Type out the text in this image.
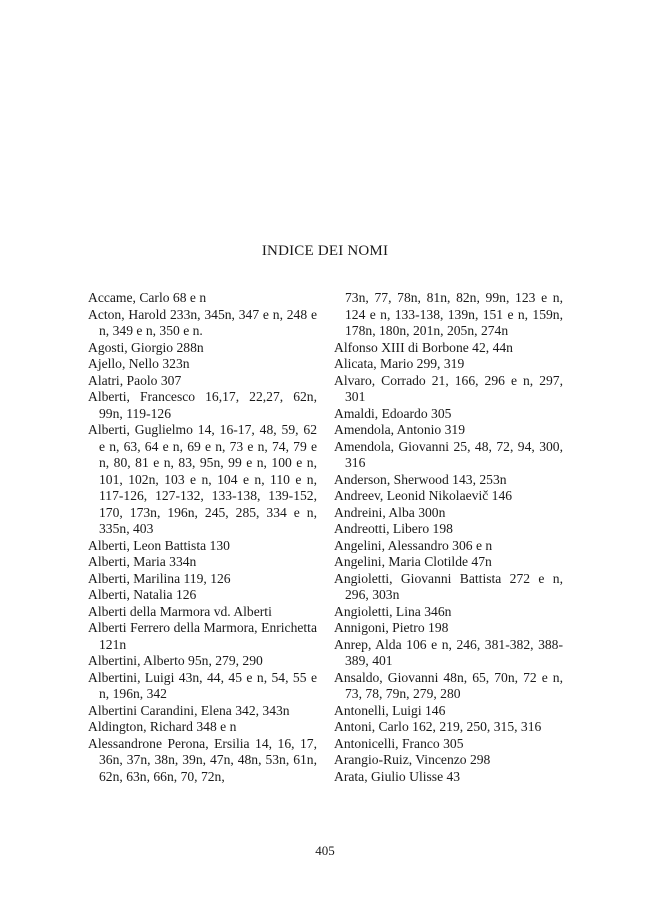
INDICE DEI NOMI

Accame, Carlo 68 e n

Acton, Harold 233n, 345n, 347 e n, 248 e n, 349 e n, 350 e n.

Agosti, Giorgio 288n

Ajello, Nello 323n

Alatri, Paolo 307

Alberti, Francesco 16,17, 22,27, 62n, 99n, 119-126

Alberti, Guglielmo 14, 16-17, 48, 59, 62 e n, 63, 64 e n, 69 e n, 73 e n, 74, 79 e n, 80, 81 e n, 83, 95n, 99 e n, 100 e n, 101, 102n, 103 e n, 104 e n, 110 e n, 117-126, 127-132, 133-138, 139-152, 170, 173n, 196n, 245, 285, 334 e n, 335n, 403

Alberti, Leon Battista 130

Alberti, Maria 334n

Alberti, Marilina 119, 126

Alberti, Natalia 126

Alberti della Marmora vd. Alberti

Alberti Ferrero della Marmora, Enrichetta 121n

Albertini, Alberto 95n, 279, 290

Albertini, Luigi 43n, 44, 45 e n, 54, 55 e n, 196n, 342

Albertini Carandini, Elena 342, 343n

Aldington, Richard 348 e n

Alessandrone Perona, Ersilia 14, 16, 17, 36n, 37n, 38n, 39n, 47n, 48n, 53n, 61n, 62n, 63n, 66n, 70, 72n,

73n, 77, 78n, 81n, 82n, 99n, 123 e n, 124 e n, 133-138, 139n, 151 e n, 159n, 178n, 180n, 201n, 205n, 274n

Alfonso XIII di Borbone 42, 44n

Alicata, Mario 299, 319

Alvaro, Corrado 21, 166, 296 e n, 297, 301

Amaldi, Edoardo 305

Amendola, Antonio 319

Amendola, Giovanni 25, 48, 72, 94, 300, 316

Anderson, Sherwood 143, 253n

Andreev, Leonid Nikolaevič 146

Andreini, Alba 300n

Andreotti, Libero 198

Angelini, Alessandro 306 e n

Angelini, Maria Clotilde 47n

Angioletti, Giovanni Battista 272 e n, 296, 303n

Angioletti, Lina 346n

Annigoni, Pietro 198

Anrep, Alda 106 e n, 246, 381-382, 388-389, 401

Ansaldo, Giovanni 48n, 65, 70n, 72 e n, 73, 78, 79n, 279, 280

Antonelli, Luigi 146

Antoni, Carlo 162, 219, 250, 315, 316

Antonicelli, Franco 305

Arangio-Ruiz, Vincenzo 298

Arata, Giulio Ulisse 43

405
